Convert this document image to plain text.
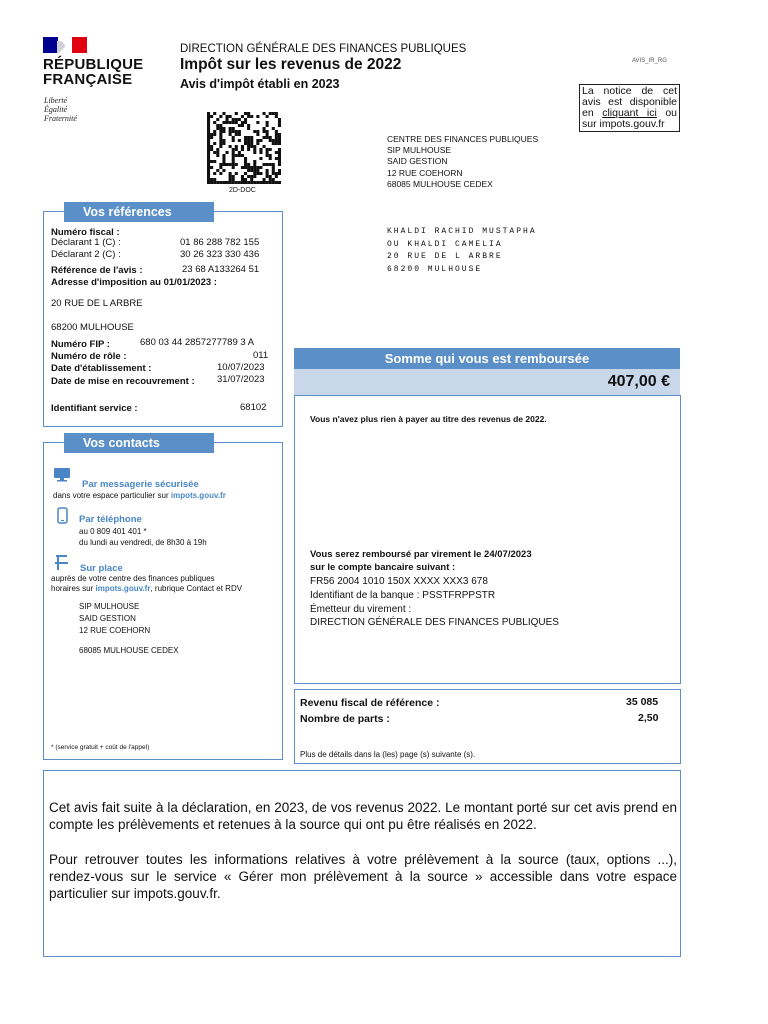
RÉPUBLIQUE
FRANÇAISE
Liberté
Égalité
Fraternité
DIRECTION GÉNÉRALE DES FINANCES PUBLIQUES
Impôt sur les revenus de 2022
Avis d'impôt établi en 2023
AVIS_IR_RG
La notice de cet avis est disponible en cliquant ici ou sur impots.gouv.fr
2D-DOC
CENTRE DES FINANCES PUBLIQUES
SIP MULHOUSE
SAID GESTION
12 RUE COEHORN
68085 MULHOUSE CEDEX
KHALDI RACHID MUSTAPHA
OU KHALDI CAMELIA
20 RUE DE L ARBRE
68200 MULHOUSE
Vos références
Numéro fiscal :
Déclarant 1 (C) :	01 86 288 782 155
Déclarant 2 (C) :	30 26 323 330 436
Référence de l'avis :	23 68 A133264 51
Adresse d'imposition au 01/01/2023 :
20 RUE DE L ARBRE
68200 MULHOUSE
Numéro FIP :	680 03 44 2857277789 3 A
Numéro de rôle :	011
Date d'établissement :	10/07/2023
Date de mise en recouvrement : 31/07/2023
Identifiant service :	68102
Vos contacts
Par messagerie sécurisée
dans votre espace particulier sur impots.gouv.fr
Par téléphone
au 0 809 401 401 *
du lundi au vendredi, de 8h30 à 19h
Sur place
auprès de votre centre des finances publiques
horaires sur impots.gouv.fr, rubrique Contact et RDV
SIP MULHOUSE
SAID GESTION
12 RUE COEHORN
68085 MULHOUSE CEDEX
* (service gratuit + coût de l'appel)
Somme qui vous est remboursée
407,00 €
Vous n'avez plus rien à payer au titre des revenus de 2022.
Vous serez remboursé par virement le 24/07/2023
sur le compte bancaire suivant :
FR56 2004 1010 150X XXXX XXX3 678
Identifiant de la banque : PSSTFRPPSTR
Émetteur du virement :
DIRECTION GÉNÉRALE DES FINANCES PUBLIQUES
Revenu fiscal de référence :	35 085
Nombre de parts :	2,50
Plus de détails dans la (les) page (s) suivante (s).
Cet avis fait suite à la déclaration, en 2023, de vos revenus 2022. Le montant porté sur cet avis prend en compte les prélèvements et retenues à la source qui ont pu être réalisés en 2022.
Pour retrouver toutes les informations relatives à votre prélèvement à la source (taux, options ...), rendez-vous sur le service « Gérer mon prélèvement à la source » accessible dans votre espace particulier sur impots.gouv.fr.
